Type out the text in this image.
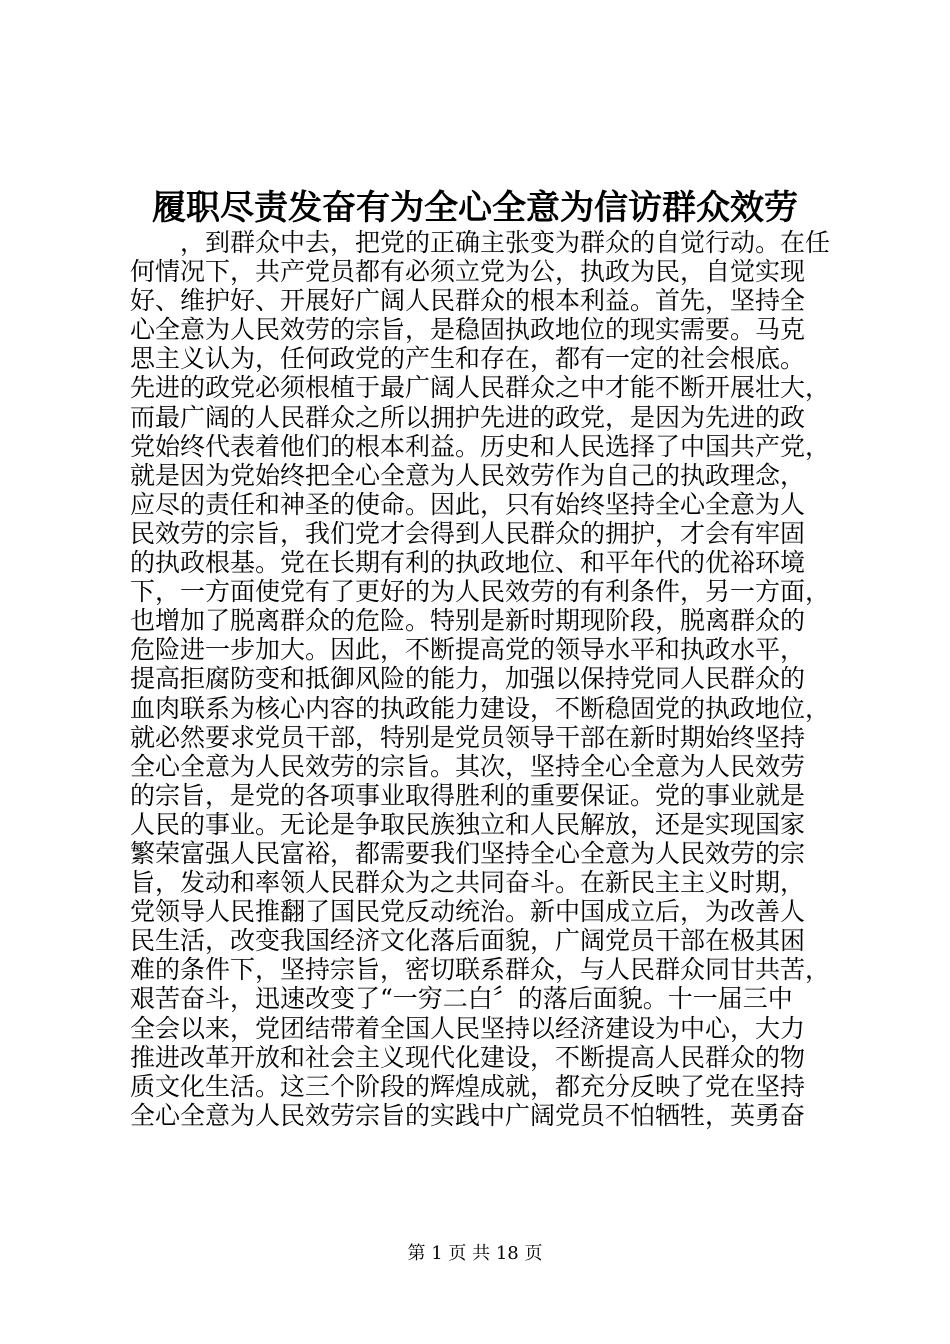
履职尽责发奋有为全心全意为信访群众效劳
，到群众中去，把党的正确主张变为群众的自觉行动。在任
何情况下，共产党员都有必须立党为公，执政为民，自觉实现
好、维护好、开展好广阔人民群众的根本利益。首先，坚持全
心全意为人民效劳的宗旨，是稳固执政地位的现实需要。马克
思主义认为，任何政党的产生和存在，都有一定的社会根底。
先进的政党必须根植于最广阔人民群众之中才能不断开展壮大，
而最广阔的人民群众之所以拥护先进的政党，是因为先进的政
党始终代表着他们的根本利益。历史和人民选择了中国共产党，
就是因为党始终把全心全意为人民效劳作为自己的执政理念，
应尽的责任和神圣的使命。因此，只有始终坚持全心全意为人
民效劳的宗旨，我们党才会得到人民群众的拥护，才会有牢固
的执政根基。党在长期有利的执政地位、和平年代的优裕环境
下，一方面使党有了更好的为人民效劳的有利条件，另一方面，
也增加了脱离群众的危险。特别是新时期现阶段，脱离群众的
危险进一步加大。因此，不断提高党的领导水平和执政水平，
提高拒腐防变和抵御风险的能力，加强以保持党同人民群众的
血肉联系为核心内容的执政能力建设，不断稳固党的执政地位，
就必然要求党员干部，特别是党员领导干部在新时期始终坚持
全心全意为人民效劳的宗旨。其次，坚持全心全意为人民效劳
的宗旨，是党的各项事业取得胜利的重要保证。党的事业就是
人民的事业。无论是争取民族独立和人民解放，还是实现国家
繁荣富强人民富裕，都需要我们坚持全心全意为人民效劳的宗
旨，发动和率领人民群众为之共同奋斗。在新民主主义时期，
党领导人民推翻了国民党反动统治。新中国成立后，为改善人
民生活，改变我国经济文化落后面貌，广阔党员干部在极其困
难的条件下，坚持宗旨，密切联系群众，与人民群众同甘共苦，
艰苦奋斗，迅速改变了“一穷二白〞的落后面貌。十一届三中
全会以来，党团结带着全国人民坚持以经济建设为中心，大力
推进改革开放和社会主义现代化建设，不断提高人民群众的物
质文化生活。这三个阶段的辉煌成就，都充分反映了党在坚持
全心全意为人民效劳宗旨的实践中广阔党员不怕牺牲，英勇奋
第 1 页 共 18 页
